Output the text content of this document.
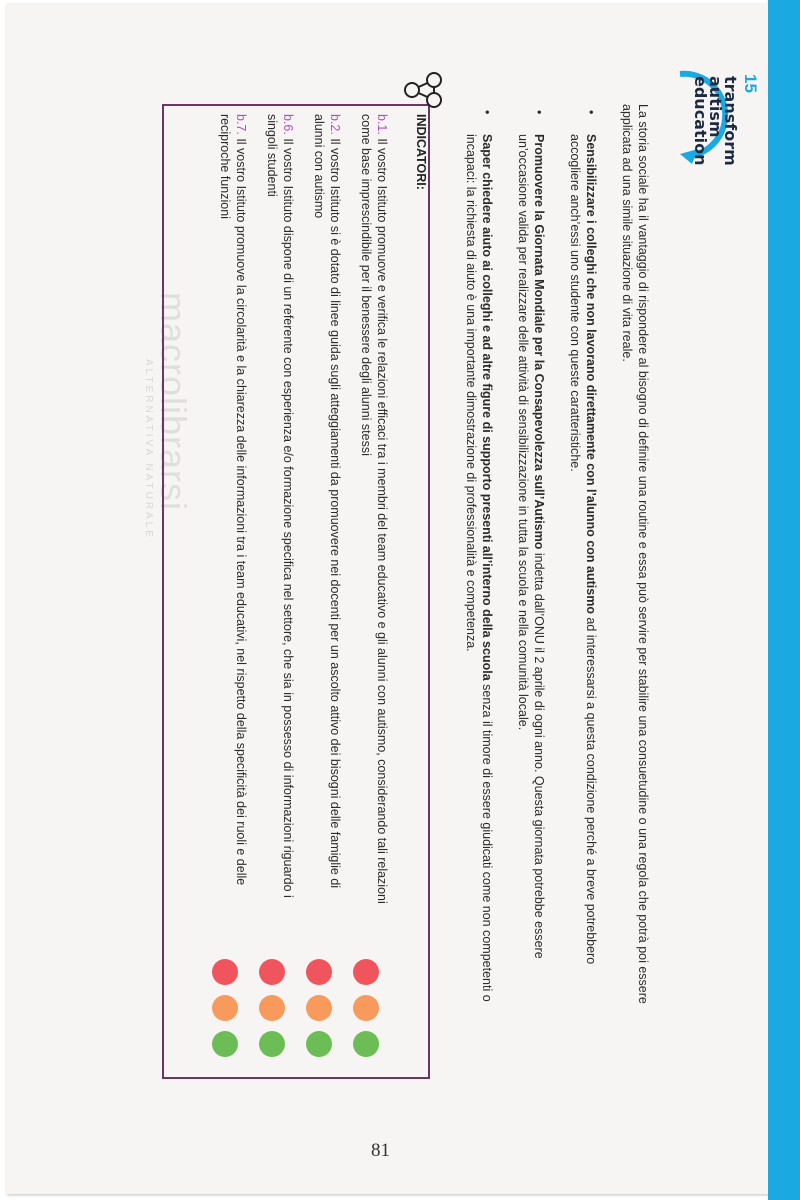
15
transform
autism
education

La storia sociale ha il vantaggio di rispondere al bisogno di definire una routine e essa può servire per stabilire una consuetudine o una regola che potrà poi essere applicata ad una simile situazione di vita reale.

• Sensibilizzare i colleghi che non lavorano direttamente con l’alunno con autismo ad interessarsi a questa condizione perché a breve potrebbero accogliere anch’essi uno studente con queste caratteristiche.
• Promuovere la Giornata Mondiale per la Consapevolezza sull’Autismo indetta dall’ONU il 2 aprile di ogni anno. Questa giornata potrebbe essere un’occasione valida per realizzare delle attività di sensibilizzazione in tutta la scuola e nella comunità locale.
• Saper chiedere aiuto ai colleghi e ad altre figure di supporto presenti all’interno della scuola senza il timore di essere giudicati come non competenti o incapaci: la richiesta di aiuto è una importante dimostrazione di professionalità e competenza.
macrolibrarsi
ALTERNATIVA NATURALE
INDICATORI:
b.1. Il vostro Istituto promuove e verifica le relazioni efficaci tra i membri del team educativo e gli alunni con autismo, considerando tali relazioni come base imprescindibile per il benessere degli alunni stessi
b.2. Il vostro Istituto si è dotato di linee guida sugli atteggiamenti da promuovere nei docenti per un ascolto attivo dei bisogni delle famiglie di alunni con autismo
b.6. Il vostro Istituto dispone di un referente con esperienza e/o formazione specifica nel settore, che sia in possesso di informazioni riguardo i singoli studenti
b.7. Il vostro Istituto promuove la circolarità e la chiarezza delle informazioni tra i team educativi, nel rispetto della specificità dei ruoli e delle reciproche funzioni
81
